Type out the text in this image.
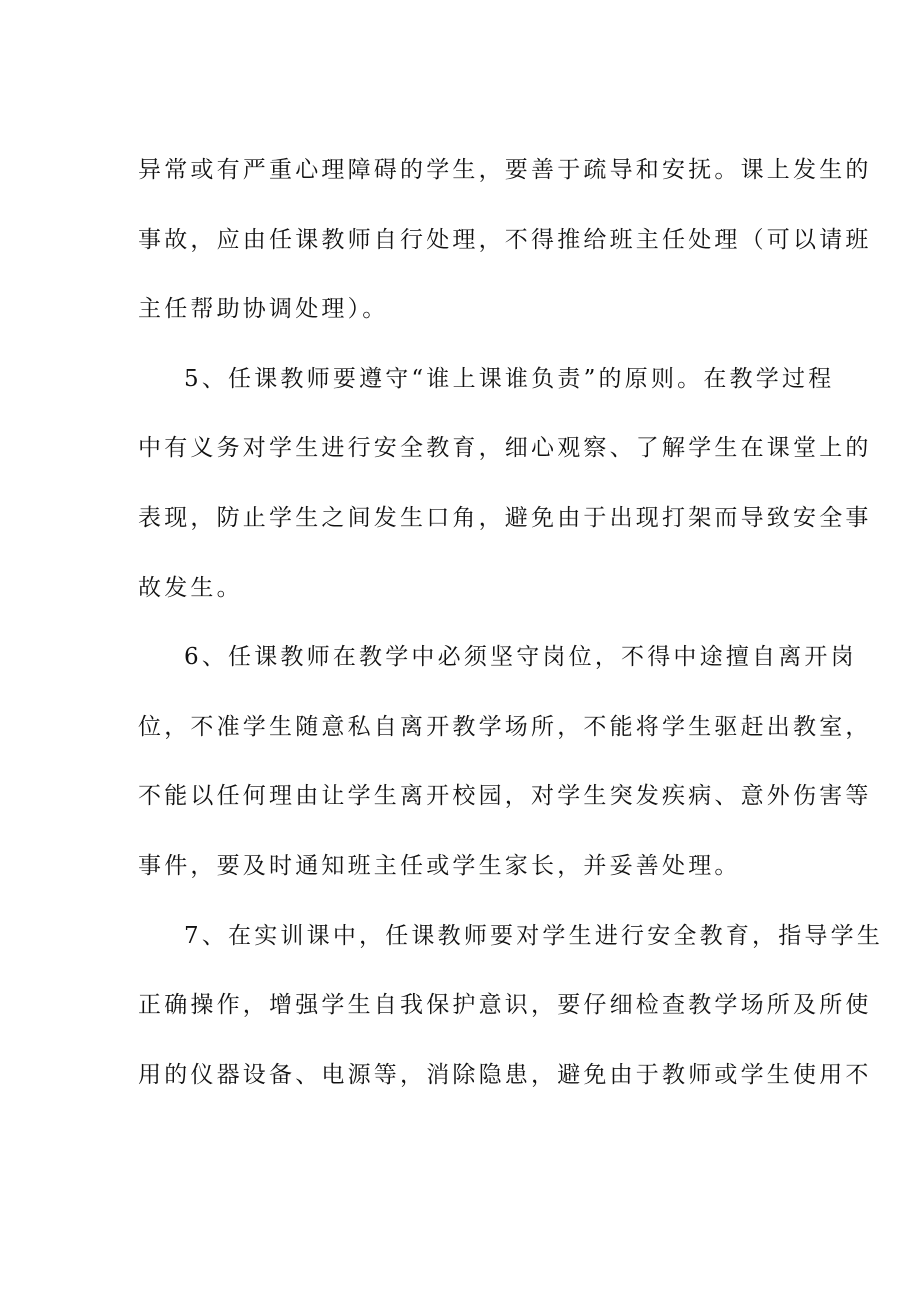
异常或有严重心理障碍的学生，要善于疏导和安抚。课上发生的
事故，应由任课教师自行处理，不得推给班主任处理（可以请班
主任帮助协调处理）。
5、任课教师要遵守“谁上课谁负责”的原则。在教学过程
中有义务对学生进行安全教育，细心观察、了解学生在课堂上的
表现，防止学生之间发生口角，避免由于出现打架而导致安全事
故发生。
6、任课教师在教学中必须坚守岗位，不得中途擅自离开岗
位，不准学生随意私自离开教学场所，不能将学生驱赶出教室，
不能以任何理由让学生离开校园，对学生突发疾病、意外伤害等
事件，要及时通知班主任或学生家长，并妥善处理。
7、在实训课中，任课教师要对学生进行安全教育，指导学生
正确操作，增强学生自我保护意识，要仔细检查教学场所及所使
用的仪器设备、电源等，消除隐患，避免由于教师或学生使用不
